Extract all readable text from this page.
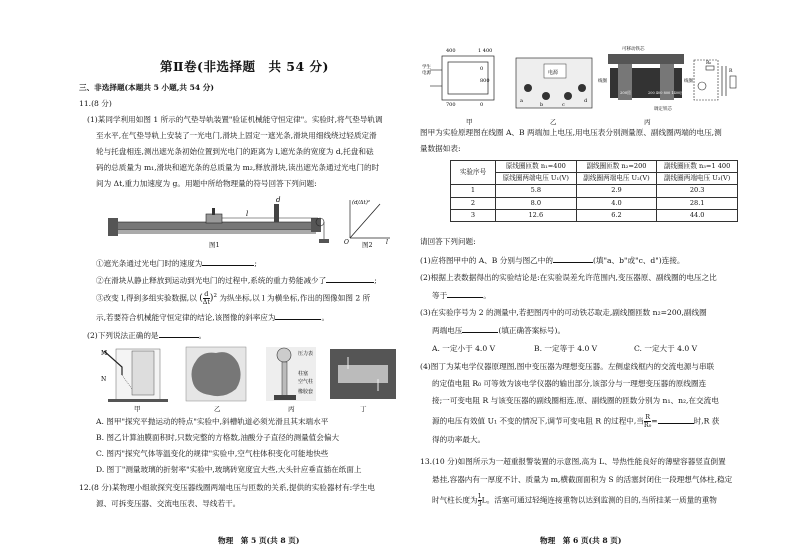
第Ⅱ卷(非选择题　共 54 分)
三、非选择题(本题共 5 小题,共 54 分)
11.(8 分)
(1)某同学利用如图 1 所示的气垫导轨装置"验证机械能守恒定律"。实验时,将气垫导轨调
至水平,在气垫导轨上安装了一光电门,滑块上固定一遮光条,滑块用细线绕过轻质定滑
轮与托盘相连,测出遮光条初始位置到光电门的距离为 l,遮光条的宽度为 d,托盘和砝
码的总质量为 m₁,滑块和遮光条的总质量为 m₂,释放滑块,读出遮光条通过光电门的时
间为 Δt,重力加速度为 g。用题中所给物理量的符号回答下列问题:
d
l
图1	O	l
(d/Δt)²
图2
①遮光条通过光电门时的速度为	;
②在滑块从静止释放到运动到光电门的过程中,系统的重力势能减少了	;
③改变 l,得到多组实验数据,以 ( $\frac{d}{\Delta t} )^2$ 为纵坐标,以 l 为横坐标,作出的图像如图 2 所
示,若要符合机械能守恒定律的结论,该图像的斜率应为	。
(2)下列说法正确的是	。
M
N
甲	乙
压力表
柱塞
空气柱
橡胶套
丙	丁
A. 图甲"探究平抛运动的特点"实验中,斜槽轨道必须光滑且其末端水平
B. 图乙计算油膜面积时,只数完整的方格数,油酸分子直径的测量值会偏大
C. 图丙"探究气体等温变化的规律"实验中,空气柱体积变化可能地快些
D. 图丁"测量玻璃的折射率"实验中,玻璃砖宽度宜大些,大头针应垂直插在纸面上
12.(8 分)某物理小组欲探究变压器线圈两端电压与匝数的关系,提供的实验器材有:学生电
源、可拆变压器、交流电压表、导线若干。
物理　第 5 页(共 8 页)
学生
电源
400	1 400
0
800
700	0
甲
电源
a
b	c
d
乙
可移动铁芯
线圈
调定铁芯
线圈
200匝	200 400 800 1400匝
丙
R₀
R
图甲为实验原理图在线圈 A、B 两端加上电压,用电压表分别测量原、副线圈两端的电压,测
量数据如表:
实验序号	原线圈匝数 n₁=400	副线圈匝数 n₂=200	副线圈匝数 n₃=1 400
	原线圈两端电压 U₁(V)	副线圈两端电压 U₂(V)	副线圈两端电压 U₃(V)
1	5.8	2.9	20.3
2	8.0	4.0	28.1
3	12.6	6.2	44.0
请回答下列问题:
(1)应将图甲中的 A、B 分别与图乙中的	(填"a、b"或"c、d")连接。
(2)根据上表数据得出的实验结论是:在实验误差允许范围内,变压器原、副线圈的电压之比
等于	。
(3)在实验序号为 2 的测量中,若把图丙中的可动铁芯取走,副线圈匝数 n₂=200,副线圈
两端电压	(填正确答案标号)。
A. 一定小于 4.0 V	B. 一定等于 4.0 V	C. 一定大于 4.0 V
(4)图丁为某电学仪器原理图,图中变压器为理想变压器。左侧虚线框内的交流电源与串联
的定值电阻 R₀ 可等效为该电学仪器的输出部分,该部分与一理想变压器的原线圈连
接;一可变电阻 R 与该变压器的副线圈相连,原、副线圈的匝数分别为 n₁、n₂,在交流电
源的电压有效值 U₁ 不变的情况下,调节可变电阻 R 的过程中,当 $\frac{R}{\text{R₀}}$ =	时,R 获
得的功率最大。
13.(10 分)如图所示为一超重报警装置的示意图,高为 L、导热性能良好的薄壁容器竖直倒置
悬挂,容器内有一厚度不计、质量为 m,横截面面积为 S 的活塞封闭住一段理想气体柱,稳定
时气柱长度为 $\frac{1}{3}$ L。活塞可通过轻绳连接重物以达到监测的目的,当所挂某一质量的重物
物理　第 6 页(共 8 页)
